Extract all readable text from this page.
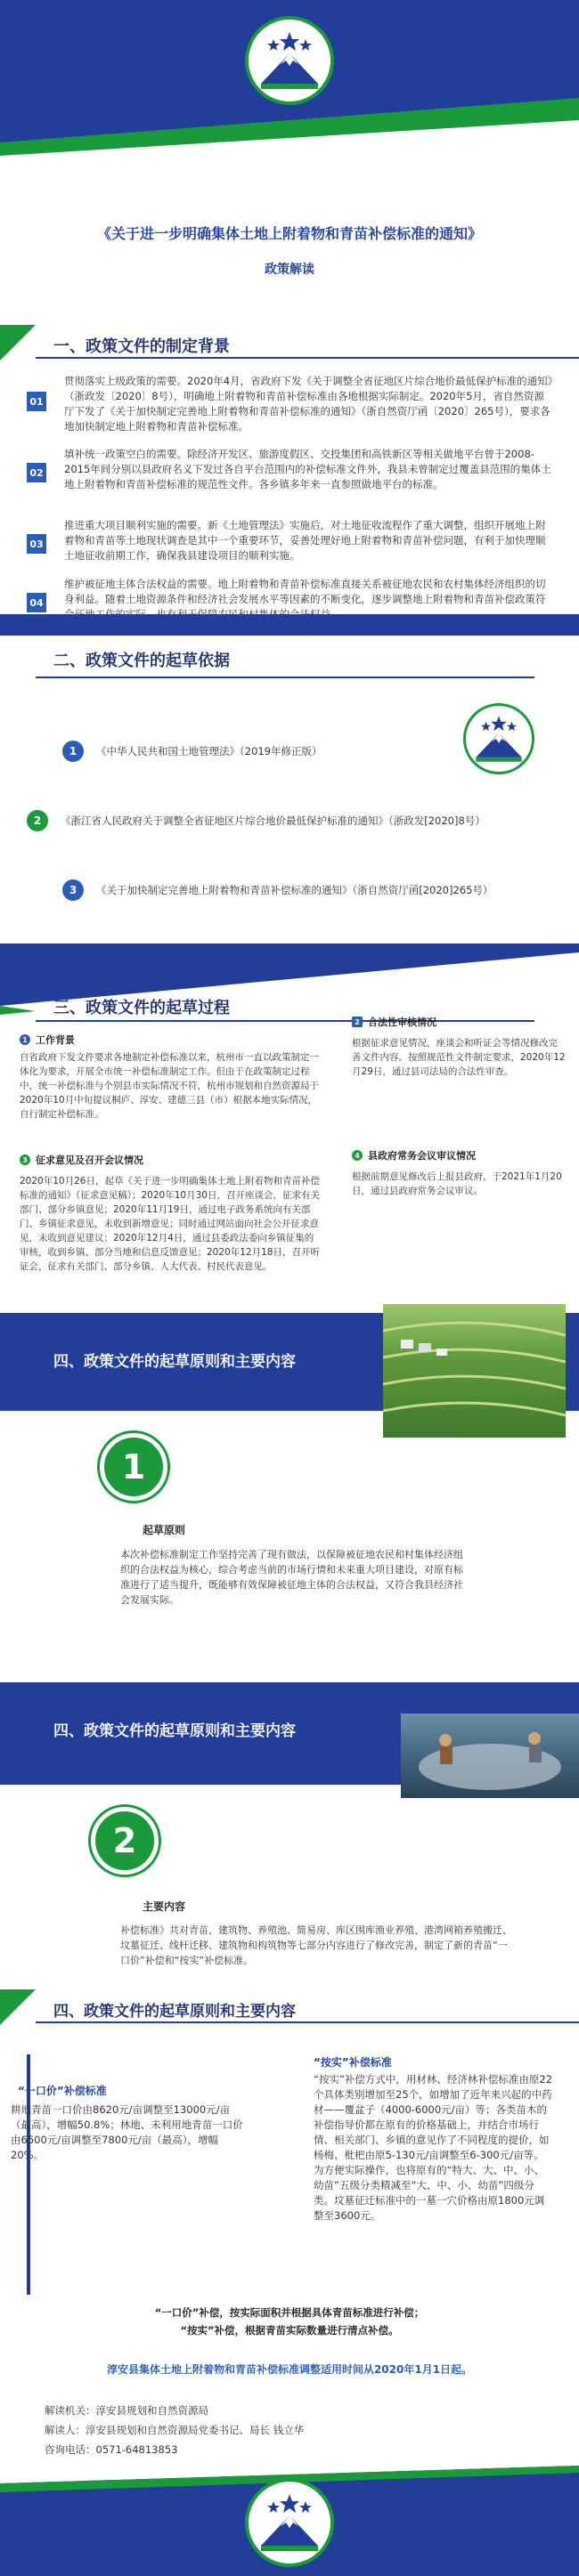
《关于进一步明确集体土地上附着物和青苗补偿标准的通知》
政策解读
一、政策文件的制定背景
01
贯彻落实上级政策的需要。2020年4月，省政府下发《关于调整全省征地区片综合地价最低保护标准的通知》（浙政发〔2020〕8号），明确地上附着物和青苗补偿标准由各地根据实际制定。2020年5月，省自然资源厅下发了《关于加快制定完善地上附着物和青苗补偿标准的通知》（浙自然资厅函〔2020〕265号），要求各地加快制定地上附着物和青苗补偿标准。
02
填补统一政策空白的需要。除经济开发区、旅游度假区、交投集团和高铁新区等相关做地平台曾于2008-2015年间分别以县政府名义下发过各自平台范围内的补偿标准文件外，我县未曾制定过覆盖县范围的集体土地上附着物和青苗补偿标准的规范性文件。各乡镇多年来一直参照做地平台的标准。
03
推进重大项目顺利实施的需要。新《土地管理法》实施后，对土地征收流程作了重大调整，组织开展地上附着物和青苗等土地现状调查是其中一个重要环节，妥善处理好地上附着物和青苗补偿问题，有利于加快理顺土地征收前期工作，确保我县建设项目的顺利实施。
04
维护被征地主体合法权益的需要。地上附着物和青苗补偿标准直接关系被征地农民和农村集体经济组织的切身利益。随着土地资源条件和经济社会发展水平等因素的不断变化，逐步调整地上附着物和青苗补偿政策符
二、政策文件的起草依据
1	《中华人民共和国土地管理法》（2019年修正版）
2	《浙江省人民政府关于调整全省征地区片综合地价最低保护标准的通知》（浙政发[2020]8号）
3	《关于加快制定完善地上附着物和青苗补偿标准的通知》（浙自然资厅函[2020]265号）
三、政策文件的起草过程
1 工作背景
自省政府下发文件要求各地制定补偿标准以来，杭州市一直以政策制定一体化为要求，开展全市统一补偿标准制定工作。但由于在政策制定过程中，统一补偿标准与个别县市实际情况不符，杭州市规划和自然资源局于2020年10月中旬提议桐庐、淳安、建德三县（市）根据本地实际情况，自行制定补偿标准。
2 合法性审核情况
根据征求意见情况，座谈会和听证会等情况修改完善文件内容。按照规范性文件制定要求，2020年12月29日，通过县司法局的合法性审查。
3 征求意见及召开会议情况
2020年10月26日，起草《关于进一步明确集体土地上附着物和青苗补偿标准的通知》（征求意见稿）；2020年10月30日，召开座谈会，征求有关部门、部分乡镇意见；2020年11月19日，通过电子政务系统向有关部门、乡镇征求意见，未收到新增意见；同时通过网站面向社会公开征求意见，未收到意见建议；2020年12月4日，通过县委政法委向乡镇征集的审核，收到乡镇、部分当地和信息反馈意见；2020年12月18日，召开听证会，征求有关部门、部分乡镇、人大代表、村民代表意见。
4 县政府常务会议审议情况
根据前期意见修改后上报县政府，于2021年1月20日，通过县政府常务会议审议。
四、政策文件的起草原则和主要内容
1
起草原则
本次补偿标准制定工作坚持完善了现有做法，以保障被征地农民和村集体经济组织的合法权益为核心，综合考虑当前的市场行情和未来重大项目建设，对原有标准进行了适当提升，既能够有效保障被征地主体的合法权益，又符合我县经济社会发展实际。
四、政策文件的起草原则和主要内容
2
主要内容
补偿标准》共对青苗、建筑物、养殖池、简易房、库区围库渔业养殖、港湾网箱养殖搬迁、坟墓征迁、线杆迁移、建筑物和构筑物等七部分内容进行了修改完善，制定了新的青苗“一口价”补偿和“按实”补偿标准。
四、政策文件的起草原则和主要内容
“一口价”补偿标准
耕地青苗一口价由8620元/亩调整至13000元/亩（最高），增幅50.8%；林地、未利用地青苗一口价由6500元/亩调整至7800元/亩（最高），增幅20%。
“按实”补偿标准
“按实”补偿方式中，用材林、经济林补偿标准由原22个具体类别增加至25个，如增加了近年来兴起的中药材——覆盆子（4000-6000元/亩）等；各类苗木的补偿指导价都在原有的价格基础上，并结合市场行情、相关部门、乡镇的意见作了不同程度的提价，如杨梅、枇杷由原5-130元/亩调整至6-300元/亩等。为方便实际操作，也将原有的“特大、大、中、小、幼苗”五级分类精减至“大、中、小、幼苗”四级分类。坟墓征迁标准中的一墓一穴价格由原1800元调整至3600元。
“一口价”补偿，按实际面积并根据具体青苗标准进行补偿；
“按实”补偿，根据青苗实际数量进行清点补偿。
淳安县集体土地上附着物和青苗补偿标准调整适用时间从2020年1月1日起。
解读机关：淳安县规划和自然资源局
解读人：淳安县规划和自然资源局党委书记、局长 钱立华
咨询电话：0571-64813853
